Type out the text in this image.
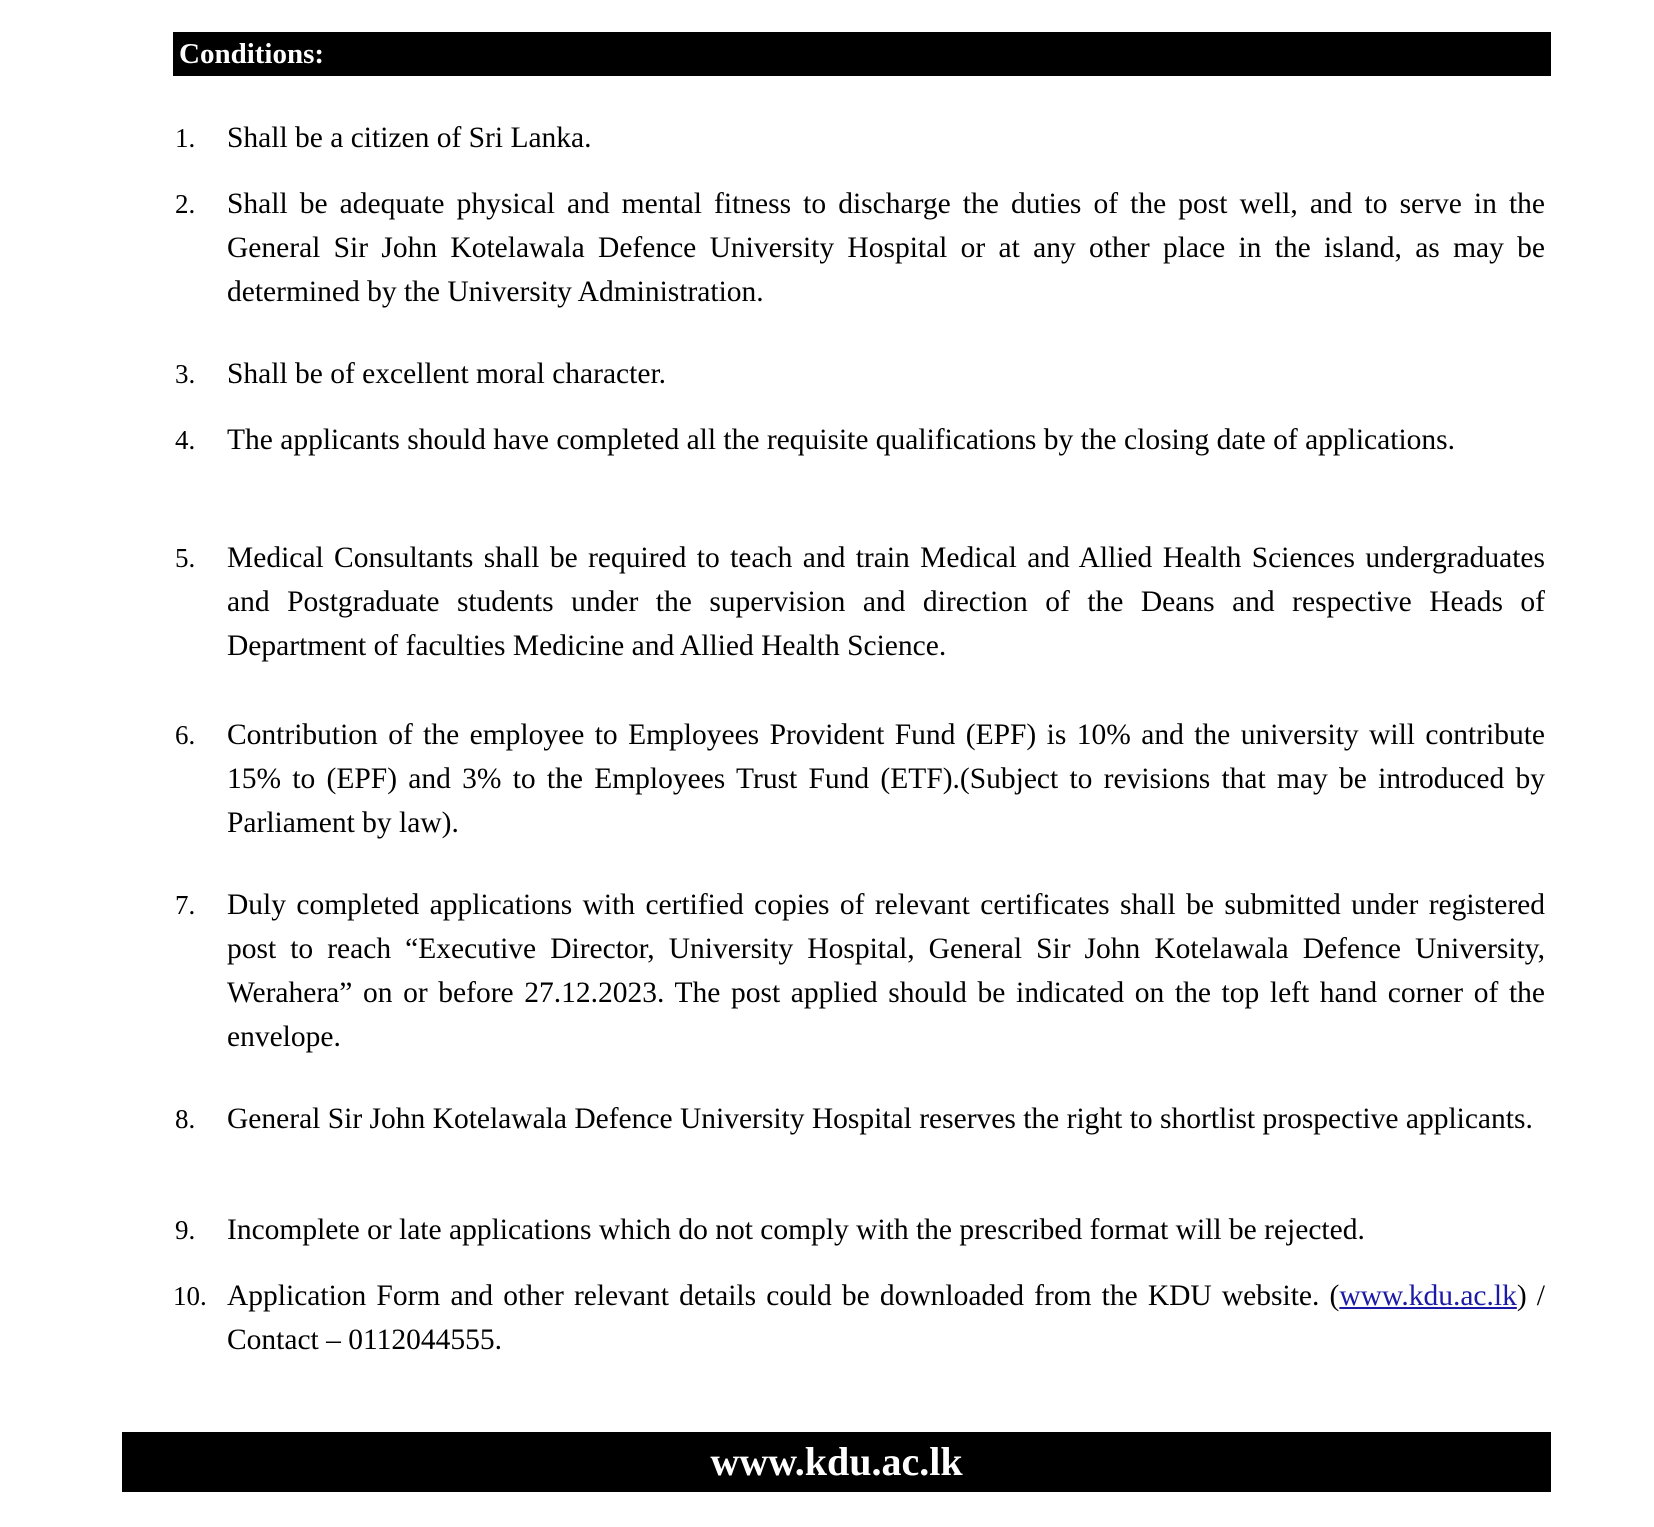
Conditions:
1.	Shall be a citizen of Sri Lanka.
2.	Shall be adequate physical and mental fitness to discharge the duties of the post well, and to serve in the General Sir John Kotelawala Defence University Hospital or at any other place in the island, as may be determined by the University Administration.
3.	Shall be of excellent moral character.
4.	The applicants should have completed all the requisite qualifications by the closing date of applications.
5.	Medical Consultants shall be required to teach and train Medical and Allied Health Sciences undergraduates and Postgraduate students under the supervision and direction of the Deans and respective Heads of Department of faculties Medicine and Allied Health Science.
6.	Contribution of the employee to Employees Provident Fund (EPF) is 10% and the university will contribute 15% to (EPF) and 3% to the Employees Trust Fund (ETF).(Subject to revisions that may be introduced by Parliament by law).
7.	Duly completed applications with certified copies of relevant certificates shall be submitted under registered post to reach “Executive Director, University Hospital, General Sir John Kotelawala Defence University, Werahera” on or before 27.12.2023. The post applied should be indicated on the top left hand corner of the envelope.
8.	General Sir John Kotelawala Defence University Hospital reserves the right to shortlist prospective applicants.
9.	Incomplete or late applications which do not comply with the prescribed format will be rejected.
10. Application Form and other relevant details could be downloaded from the KDU website. (www.kdu.ac.lk) / Contact – 0112044555.
www.kdu.ac.lk
